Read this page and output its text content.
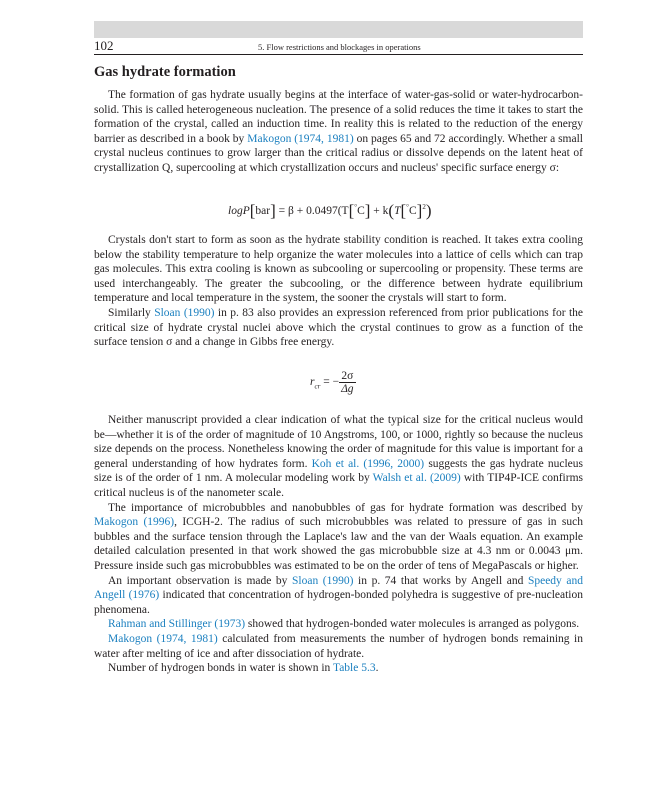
102	5. Flow restrictions and blockages in operations
Gas hydrate formation

The formation of gas hydrate usually begins at the interface of water-gas-solid or water-hydrocarbon-solid. This is called heterogeneous nucleation. The presence of a solid reduces the time it takes to start the formation of the crystal, called an induction time. In reality this is related to the reduction of the energy barrier as described in a book by Makogon (1974, 1981) on pages 65 and 72 accordingly. Whether a small crystal nucleus continues to grow larger than the critical radius or dissolve depends on the latent heat of crystallization Q, supercooling at which crystallization occurs and nucleus' specific surface energy σ:

$\log P[bar] = \beta + 0.0497(T[^\circ C] + k(T[^\circ C]^2)$

Crystals don't start to form as soon as the hydrate stability condition is reached. It takes extra cooling below the stability temperature to help organize the water molecules into a lattice of cells which can trap gas molecules. This extra cooling is known as subcooling or supercooling or propensity. These terms are used interchangeably. The greater the subcooling, or the difference between hydrate equilibrium temperature and local temperature in the system, the sooner the crystals will start to form.

Similarly Sloan (1990) in p. 83 also provides an expression referenced from prior publications for the critical size of hydrate crystal nuclei above which the crystal continues to grow as a function of the surface tension σ and a change in Gibbs free energy.

$r_{cr}$ = − $\frac{2\sigma}{\Delta g}$

Neither manuscript provided a clear indication of what the typical size for the critical nucleus would be—whether it is of the order of magnitude of 10 Angstroms, 100, or 1000, rightly so because the nucleus size depends on the process. Nonetheless knowing the order of magnitude for this value is important for a general understanding of how hydrates form. Koh et al. (1996, 2000) suggests the gas hydrate nucleus size is of the order of 1 nm. A molecular modeling work by Walsh et al. (2009) with TIP4P-ICE confirms critical nucleus is of the nanometer scale.

The importance of microbubbles and nanobubbles of gas for hydrate formation was described by Makogon (1996), ICGH-2. The radius of such microbubbles was related to pressure of gas in such bubbles and the surface tension through the Laplace's law and the van der Waals equation. An example detailed calculation presented in that work showed the gas microbubble size at 4.3 nm or 0.0043 μm. Pressure inside such gas microbubbles was estimated to be on the order of tens of MegaPascals or higher.

An important observation is made by Sloan (1990) in p. 74 that works by Angell and Speedy and Angell (1976) indicated that concentration of hydrogen-bonded polyhedra is suggestive of pre-nucleation phenomena.

Rahman and Stillinger (1973) showed that hydrogen-bonded water molecules is arranged as polygons.

Makogon (1974, 1981) calculated from measurements the number of hydrogen bonds remaining in water after melting of ice and after dissociation of hydrate.

Number of hydrogen bonds in water is shown in Table 5.3.
